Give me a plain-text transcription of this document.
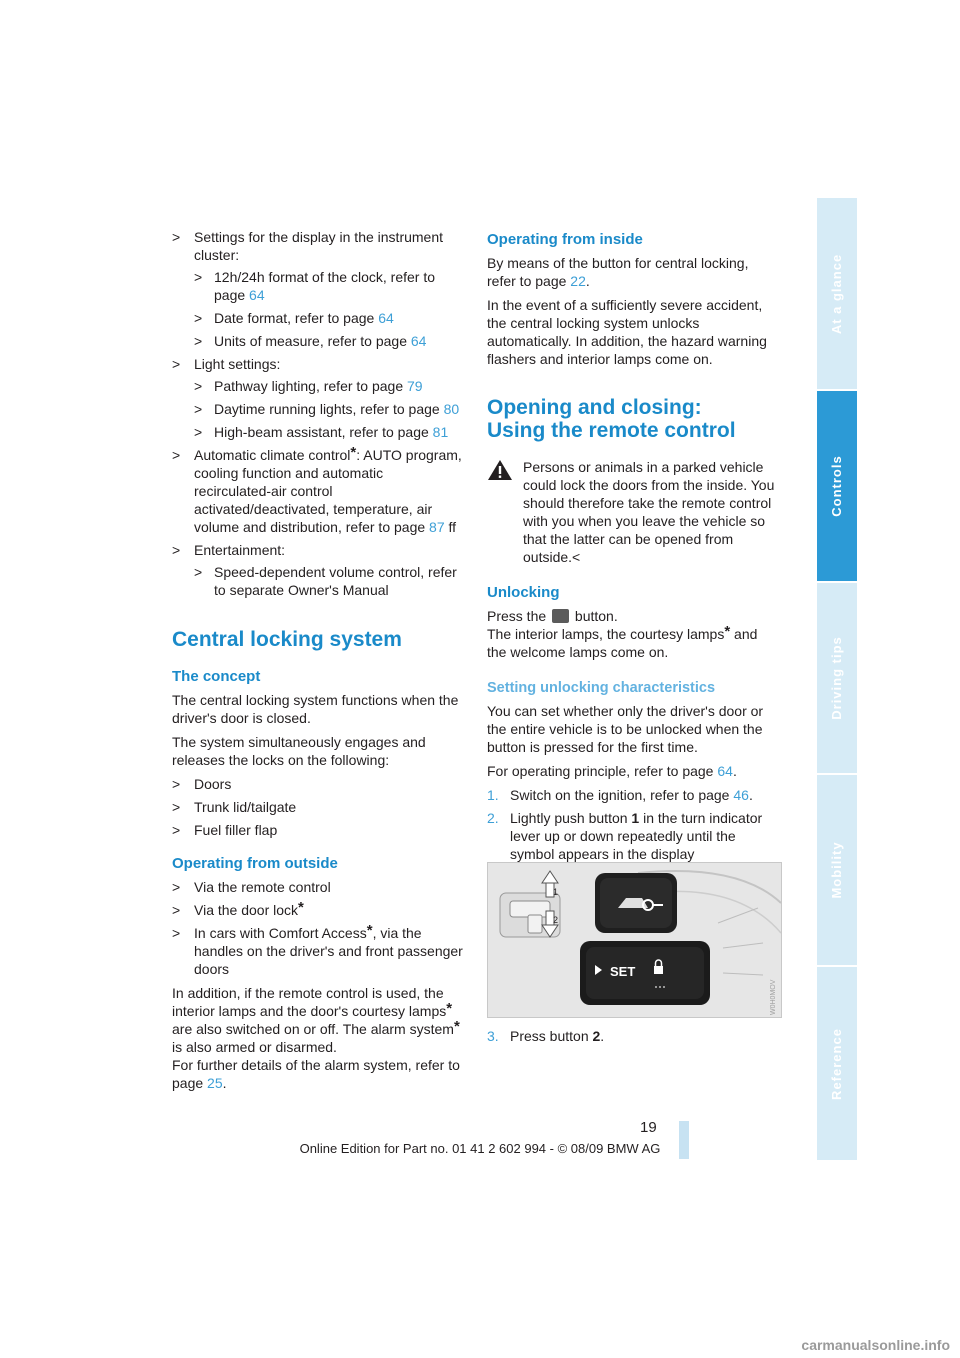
> Settings for the display in the instrument cluster:
> 12h/24h format of the clock, refer to page 64
> Date format, refer to page 64
> Units of measure, refer to page 64
> Light settings:
> Pathway lighting, refer to page 79
> Daytime running lights, refer to page 80
> High-beam assistant, refer to page 81
> Automatic climate control*: AUTO program, cooling function and automatic recirculated-air control activated/deactivated, temperature, air volume and distribution, refer to page 87 ff
> Entertainment:
> Speed-dependent volume control, refer to separate Owner's Manual
Central locking system
The concept

The central locking system functions when the driver's door is closed.

The system simultaneously engages and releases the locks on the following:

> Doors
> Trunk lid/tailgate
> Fuel filler flap
Operating from outside
> Via the remote control
> Via the door lock*
> In cars with Comfort Access*, via the handles on the driver's and front passenger doors

In addition, if the remote control is used, the interior lamps and the door's courtesy lamps* are also switched on or off. The alarm system* is also armed or disarmed.
For further details of the alarm system, refer to page 25.

Operating from inside

By means of the button for central locking, refer to page 22.

In the event of a sufficiently severe accident, the central locking system unlocks automatically. In addition, the hazard warning flashers and interior lamps come on.

Opening and closing:
Using the remote control
Persons or animals in a parked vehicle could lock the doors from the inside. You should therefore take the remote control with you when you leave the vehicle so that the latter can be opened from outside.<
Unlocking

Press the button.

The interior lamps, the courtesy lamps* and the welcome lamps come on.

Setting unlocking characteristics

You can set whether only the driver's door or the entire vehicle is to be unlocked when the button is pressed for the first time.

For operating principle, refer to page 64.

1. Switch on the ignition, refer to page 46.
2. Lightly push button 1 in the turn indicator lever up or down repeatedly until the symbol appears in the display
1
2
SET
W0H0MOV
3. Press button 2.
At a glance
Controls
Driving tips
Mobility
Reference
19
Online Edition for Part no. 01 41 2 602 994 - © 08/09 BMW AG
carmanualsonline.info
